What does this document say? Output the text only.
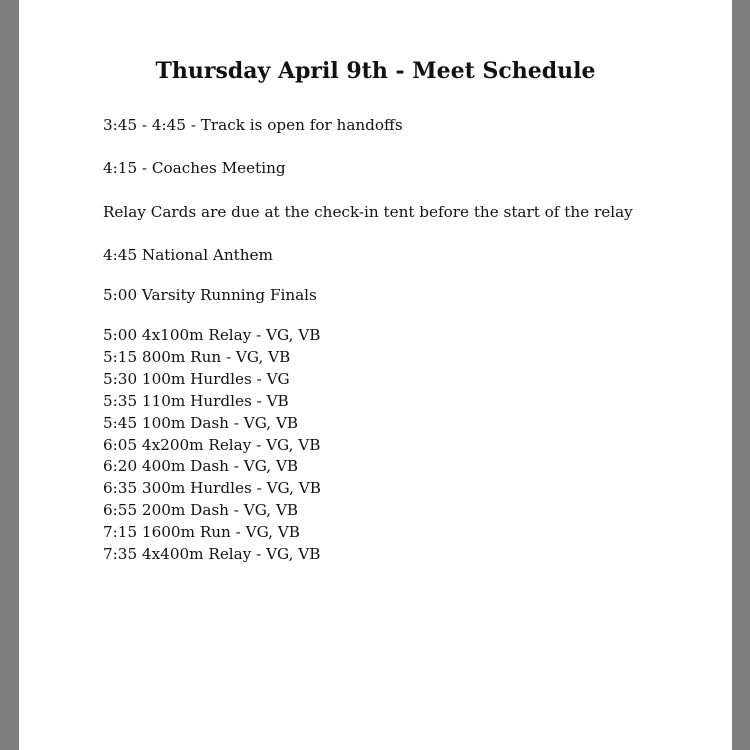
Thursday April 9th - Meet Schedule
3:45 - 4:45 - Track is open for handoffs
4:15 - Coaches Meeting
Relay Cards are due at the check-in tent before the start of the relay
4:45 National Anthem
5:00 Varsity Running Finals
5:00 4x100m Relay - VG, VB
5:15 800m Run - VG, VB
5:30 100m Hurdles - VG
5:35 110m Hurdles - VB
5:45 100m Dash - VG, VB
6:05 4x200m Relay - VG, VB
6:20 400m Dash - VG, VB
6:35 300m Hurdles - VG, VB
6:55 200m Dash - VG, VB
7:15 1600m Run - VG, VB
7:35 4x400m Relay - VG, VB
